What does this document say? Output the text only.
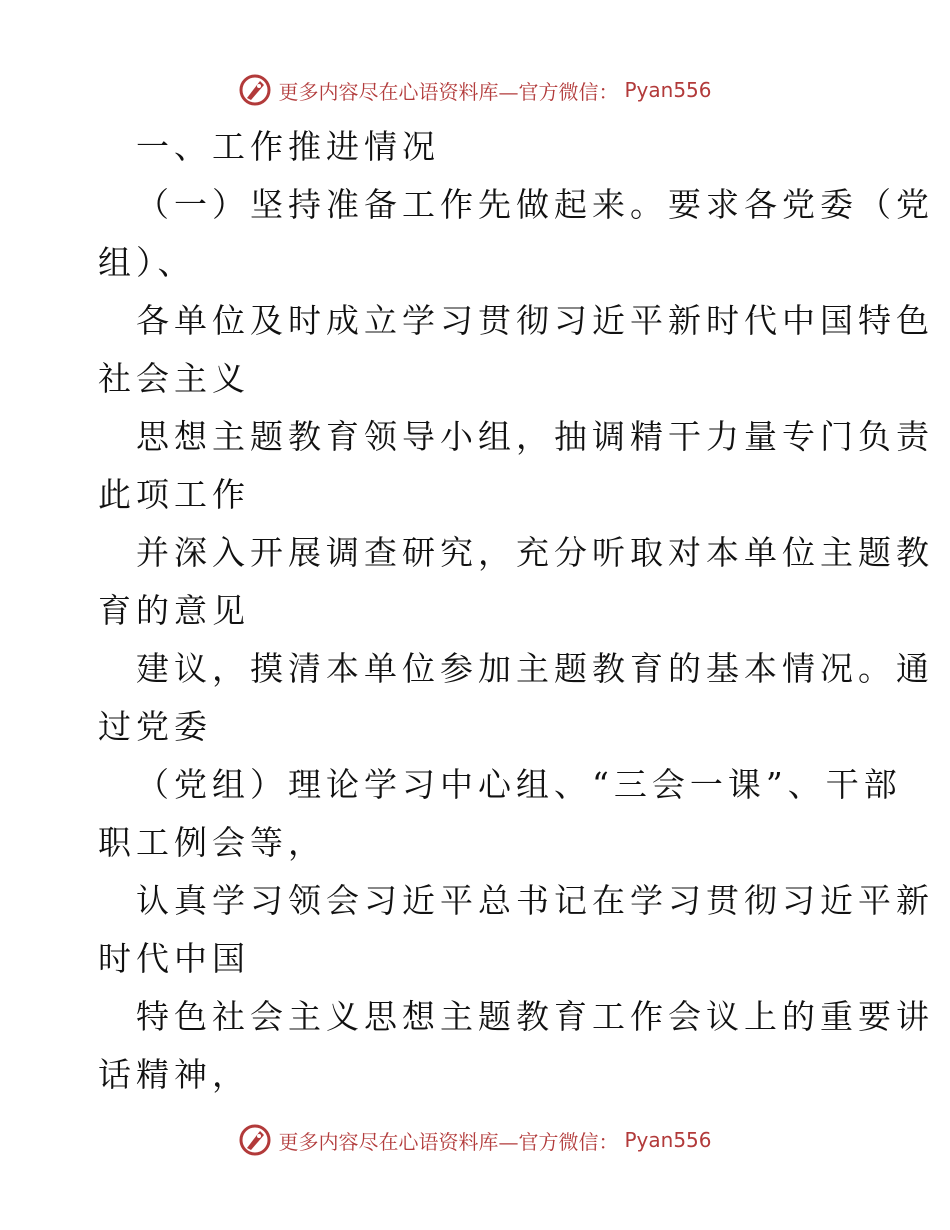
更多内容尽在心语资料库—官方微信： Pyan556
一、工作推进情况
（一）坚持准备工作先做起来。要求各党委（党
组）、
各单位及时成立学习贯彻习近平新时代中国特色
社会主义
思想主题教育领导小组，抽调精干力量专门负责
此项工作
并深入开展调查研究，充分听取对本单位主题教
育的意见
建议，摸清本单位参加主题教育的基本情况。通
过党委
（党组）理论学习中心组、“三会一课”、干部
职工例会等，
认真学习领会习近平总书记在学习贯彻习近平新
时代中国
特色社会主义思想主题教育工作会议上的重要讲
话精神，
更多内容尽在心语资料库—官方微信： Pyan556
